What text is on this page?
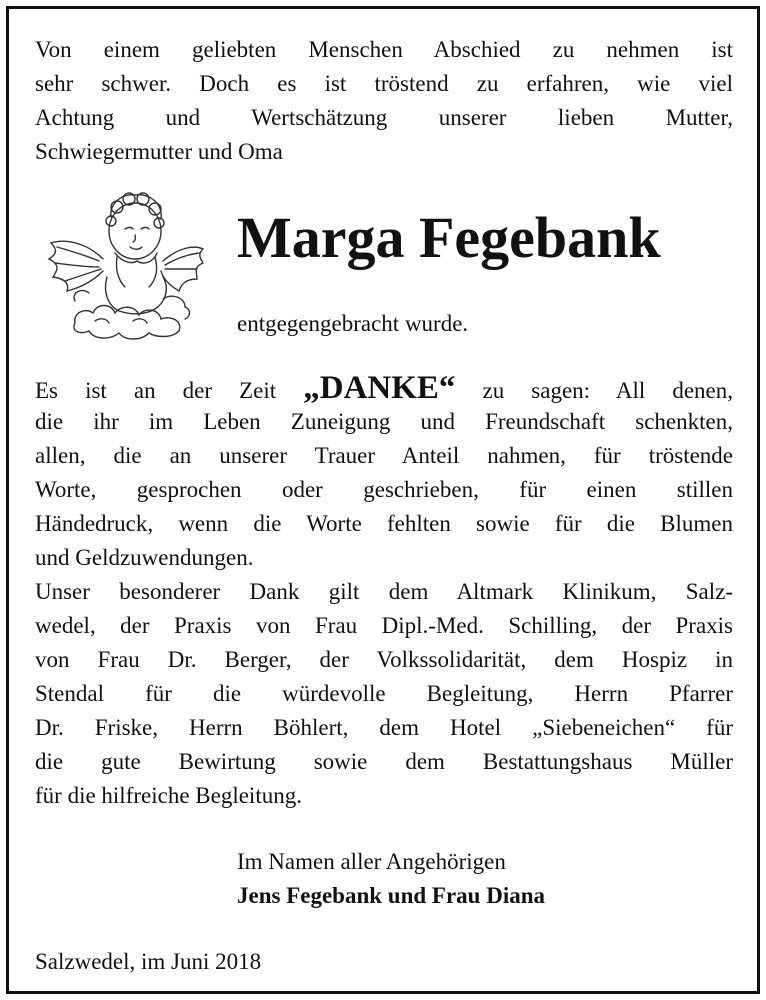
Von einem geliebten Menschen Abschied zu nehmen ist
sehr schwer. Doch es ist tröstend zu erfahren, wie viel
Achtung und Wertschätzung unserer lieben Mutter,
Schwiegermutter und Oma
Marga Fegebank
entgegengebracht wurde.
Es ist an der Zeit „DANKE“ zu sagen: All denen,
die ihr im Leben Zuneigung und Freundschaft schenkten,
allen, die an unserer Trauer Anteil nahmen, für tröstende
Worte, gesprochen oder geschrieben, für einen stillen
Händedruck, wenn die Worte fehlten sowie für die Blumen
und Geldzuwendungen.
Unser besonderer Dank gilt dem Altmark Klinikum, Salz-
wedel, der Praxis von Frau Dipl.-Med. Schilling, der Praxis
von Frau Dr. Berger, der Volkssolidarität, dem Hospiz in
Stendal für die würdevolle Begleitung, Herrn Pfarrer
Dr. Friske, Herrn Böhlert, dem Hotel „Siebeneichen“ für
die gute Bewirtung sowie dem Bestattungshaus Müller
für die hilfreiche Begleitung.
Im Namen aller Angehörigen
Jens Fegebank und Frau Diana
Salzwedel, im Juni 2018
